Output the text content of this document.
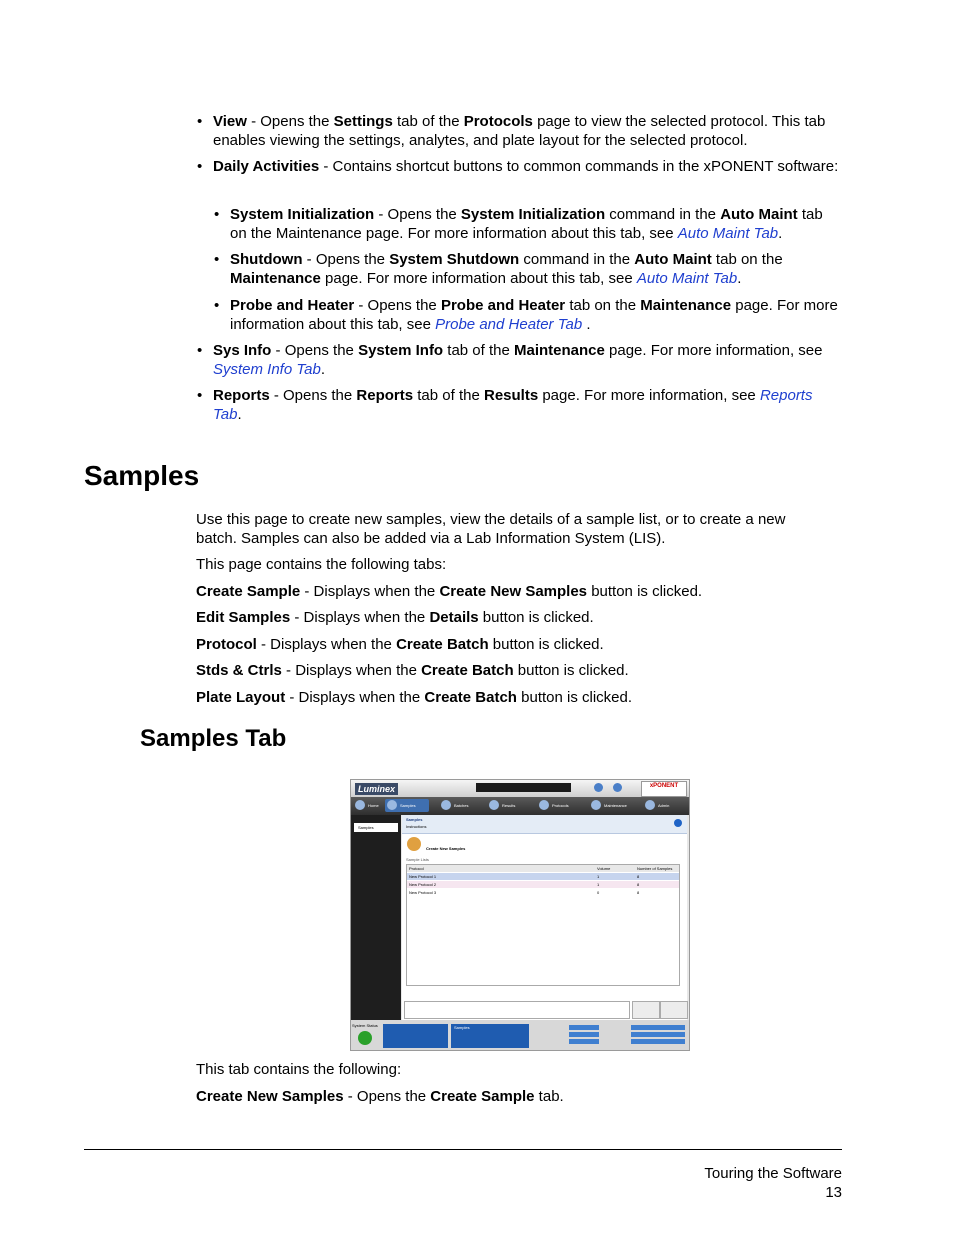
• View - Opens the Settings tab of the Protocols page to view the selected protocol. This tab enables viewing the settings, analytes, and plate layout for the selected protocol.

• Daily Activities - Contains shortcut buttons to common commands in the xPONENT software:

• System Initialization - Opens the System Initialization command in the Auto Maint tab on the Maintenance page. For more information about this tab, see Auto Maint Tab.

• Shutdown - Opens the System Shutdown command in the Auto Maint tab on the Maintenance page. For more information about this tab, see Auto Maint Tab.

• Probe and Heater - Opens the Probe and Heater tab on the Maintenance page. For more information about this tab, see Probe and Heater Tab .

• Sys Info - Opens the System Info tab of the Maintenance page. For more information, see System Info Tab.

• Reports - Opens the Reports tab of the Results page. For more information, see Reports Tab.

Samples

Use this page to create new samples, view the details of a sample list, or to create a new batch. Samples can also be added via a Lab Information System (LIS).

This page contains the following tabs:

Create Sample - Displays when the Create New Samples button is clicked.

Edit Samples - Displays when the Details button is clicked.

Protocol - Displays when the Create Batch button is clicked.

Stds & Ctrls - Displays when the Create Batch button is clicked.

Plate Layout - Displays when the Create Batch button is clicked.

Samples Tab
Luminex	xPONENT
Home	Samples	Batches	Results	Protocols	Maintenance	Admin
Samples
Samples
Instructions
Create New Samples
Sample Lists
Protocol	Volume	Number of Samples
New Protocol 1	1	8
New Protocol 2	1	8
New Protocol 3	0	8
System Status	Samples

This tab contains the following:

Create New Samples - Opens the Create Sample tab.

Touring the Software
13
